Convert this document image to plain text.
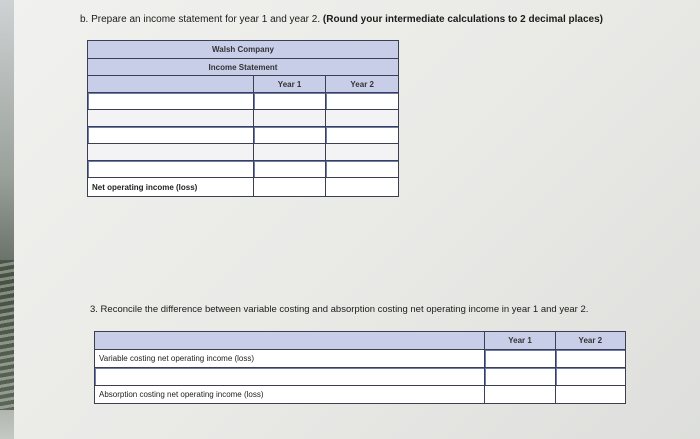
b. Prepare an income statement for year 1 and year 2. (Round your intermediate calculations to 2 decimal places)
Walsh Company		
Income Statement		
	Year 1	Year 2

Net operating income (loss)		
3. Reconcile the difference between variable costing and absorption costing net operating income in year 1 and year 2.
	Year 1	Year 2
Variable costing net operating income (loss)	

Absorption costing net operating income (loss)		
